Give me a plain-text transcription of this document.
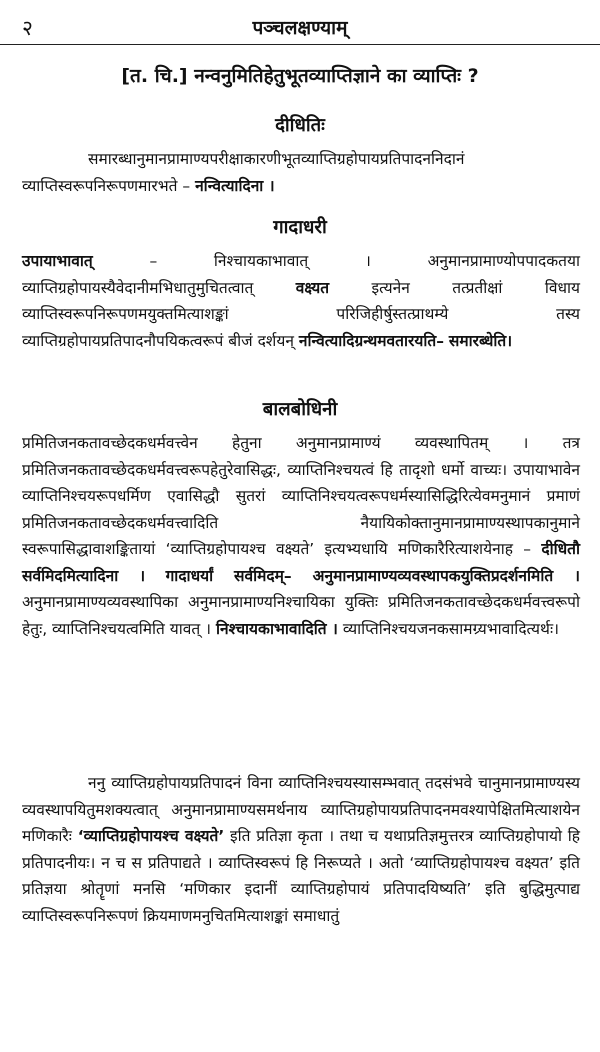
२	पञ्चलक्षण्याम्
[त. चि.] नन्वनुमितिहेतुभूतव्याप्तिज्ञाने का व्याप्तिः ?
दीधितिः

समारब्धानुमानप्रामाण्यपरीक्षाकारणीभूतव्याप्तिग्रहोपायप्रतिपादननिदानं व्याप्तिस्वरूपनिरूपणमारभते – नन्वित्यादिना ।

गादाधरी

उपायाभावात्	– निश्चायकाभावात् । अनुमानप्रामाण्योपपादकतया व्याप्तिग्रहोपायस्यैवेदानीमभिधातुमुचितत्वात्	वक्ष्यत	इत्यनेन तत्प्रतीक्षां विधाय व्याप्तिस्वरूपनिरूपणमयुक्तमित्याशङ्कां परिजिहीर्षुस्तत्प्राथम्ये तस्य व्याप्तिग्रहोपायप्रतिपादनौपयिकत्वरूपं बीजं दर्शयन् नन्वित्यादिग्रन्थमवतारयति– समारब्धेति।

बालबोधिनी

प्रमितिजनकतावच्छेदकधर्मवत्त्वेन हेतुना अनुमानप्रामाण्यं व्यवस्थापितम् । तत्र प्रमितिजनकतावच्छेदकधर्मवत्त्वरूपहेतुरेवासिद्धः, व्याप्तिनिश्चयत्वं हि तादृशो धर्मो वाच्यः। उपायाभावेन व्याप्तिनिश्चयरूपधर्मिण एवासिद्धौ सुतरां व्याप्तिनिश्चयत्वरूपधर्मस्यासिद्धिरित्येवमनुमानं प्रमाणं प्रमितिजनकतावच्छेदकधर्मवत्त्वादिति नैयायिकोक्तानुमानप्रामाण्यस्थापकानुमाने स्वरूपासिद्धावाशङ्कितायां ‘व्याप्तिग्रहोपायश्च वक्ष्यते’ इत्यभ्यधायि मणिकारैरित्याशयेनाह – दीधितौ सर्वमिदमित्यादिना । गादाधर्यां सर्वमिदम्– अनुमानप्रामाण्यव्यवस्थापकयुक्तिप्रदर्शनमिति । अनुमानप्रामाण्यव्यवस्थापिका अनुमानप्रामाण्यनिश्चायिका युक्तिः प्रमितिजनकतावच्छेदकधर्मवत्त्वरूपो हेतुः, व्याप्तिनिश्चयत्वमिति यावत् । निश्चायकाभावादिति । व्याप्तिनिश्चयजनकसामग्र्यभावादित्यर्थः।

ननु व्याप्तिग्रहोपायप्रतिपादनं विना व्याप्तिनिश्चयस्यासम्भवात् तदसंभवे चानुमानप्रामाण्यस्य व्यवस्थापयितुमशक्यत्वात् अनुमानप्रामाण्यसमर्थनाय व्याप्तिग्रहोपायप्रतिपादनमवश्यापेक्षितमित्याशयेन मणिकारैः ‘व्याप्तिग्रहोपायश्च वक्ष्यते’ इति प्रतिज्ञा कृता । तथा च यथाप्रतिज्ञमुत्तरत्र व्याप्तिग्रहोपायो हि प्रतिपादनीयः। न च स प्रतिपाद्यते । व्याप्तिस्वरूपं हि निरूप्यते । अतो ‘व्याप्तिग्रहोपायश्च वक्ष्यत’ इति प्रतिज्ञया श्रोतॄणां मनसि ‘मणिकार इदानीं व्याप्तिग्रहोपायं प्रतिपादयिष्यति’ इति बुद्धिमुत्पाद्य व्याप्तिस्वरूपनिरूपणं क्रियमाणमनुचितमित्याशङ्कां समाधातुं
